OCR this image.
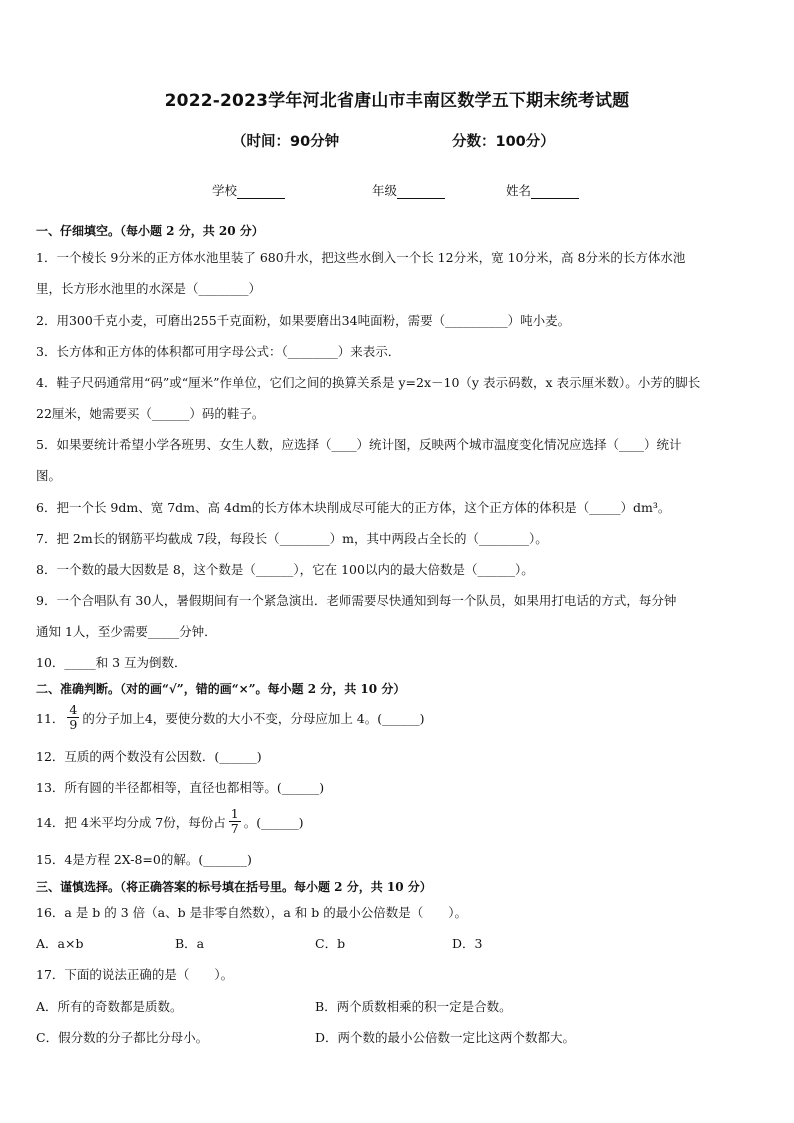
2022-2023学年河北省唐山市丰南区数学五下期末统考试题
（时间：90分钟	分数：100分）
学校	年级	姓名
一、仔细填空。（每小题 2 分，共 20 分）
1．一个棱长 9分米的正方体水池里装了 680升水，把这些水倒入一个长 12分米，宽 10分米，高 8分米的长方体水池
里，长方形水池里的水深是（________）
2．用300千克小麦，可磨出255千克面粉，如果要磨出34吨面粉，需要（__________）吨小麦。
3．长方体和正方体的体积都可用字母公式：（________）来表示．
4．鞋子尺码通常用“码”或“厘米”作单位，它们之间的换算关系是 y=2x－10（y 表示码数，x 表示厘米数）。小芳的脚长
22厘米，她需要买（______）码的鞋子。
5．如果要统计希望小学各班男、女生人数，应选择（____）统计图，反映两个城市温度变化情况应选择（____）统计
图。
6．把一个长 9dm、宽 7dm、高 4dm的长方体木块削成尽可能大的正方体，这个正方体的体积是（_____）dm³。
7．把 2m长的钢筋平均截成 7段，每段长（________）m，其中两段占全长的（________）。
8．一个数的最大因数是 8，这个数是（______），它在 100以内的最大倍数是（______）。
9．一个合唱队有 30人，暑假期间有一个紧急演出．老师需要尽快通知到每一个队员，如果用打电话的方式，每分钟
通知 1人，至少需要_____分钟．
10．_____和 3 互为倒数．
二、准确判断。（对的画“√”，错的画“×”。每小题 2 分，共 10 分）
11． $\frac{4}{9}$ 的分子加上4，要使分数的大小不变，分母应加上 4。(______)
12．互质的两个数没有公因数．(______)
13．所有圆的半径都相等，直径也都相等。(______)
14．把 4米平均分成 7份，每份占 $\frac{1}{7}$ 。(______)
15．4是方程 2X-8=0的解。(_______)
三、谨慎选择。（将正确答案的标号填在括号里。每小题 2 分，共 10 分）
16．a 是 b 的 3 倍（a、b 是非零自然数），a 和 b 的最小公倍数是（　　）。
A．a×b	B．a	C．b	D．3
17．下面的说法正确的是（　　）。
A．所有的奇数都是质数。	B．两个质数相乘的积一定是合数。
C．假分数的分子都比分母小。	D．两个数的最小公倍数一定比这两个数都大。
